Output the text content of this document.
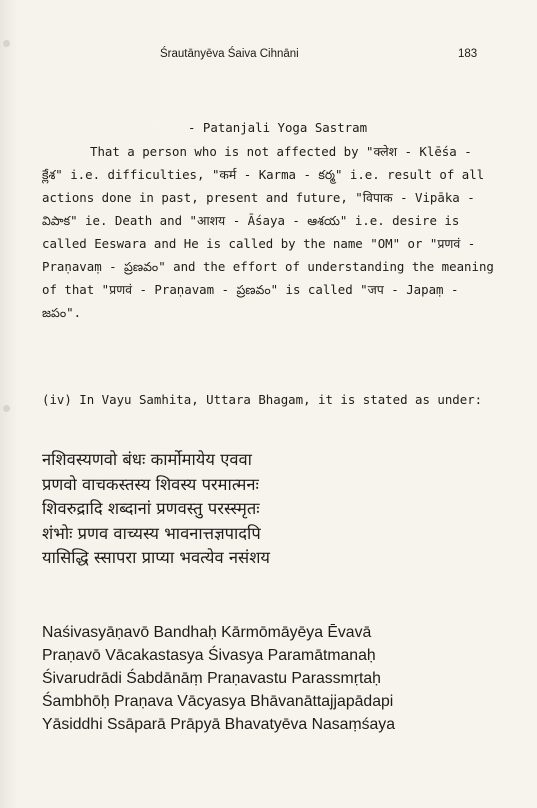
Śrautānyēva Śaiva Cihnāni	183
- Patanjali Yoga Sastram
That a person who is not affected by "क्लेश - Klēśa - క్లేశ" i.e. difficulties, "कर्म - Karma - కర్మ" i.e. result of all actions done in past, present and future, "विपाक - Vipāka - విపాక" ie. Death and "आशय - Āśaya - ఆశయ" i.e. desire is called Eeswara and He is called by the name "OM" or "प्रणवं - Praṇavaṃ - ప్రణవం" and the effort of understanding the meaning of that "प्रणवं - Praṇavam - ప్రణవం" is called "जप - Japaṃ - జపం".
(iv) In Vayu Samhita, Uttara Bhagam, it is stated as under:
नशिवस्यणवो बंधः कार्मोमायेय एववा
प्रणवो वाचकस्तस्य शिवस्य परमात्मनः
शिवरुद्रादि शब्दानां प्रणवस्तु परस्स्मृतः
शंभोः प्रणव वाच्यस्य भावनात्तज्ञपादपि
यासिद्धि स्सापरा प्राप्या भवत्येव नसंशय
Naśivasyāṇavō Bandhaḥ Kārmōmāyēya Ēvavā
Praṇavō Vācakastasya Śivasya Paramātmanaḥ
Śivarudrādi Śabdānāṃ Praṇavastu Parassmṛtaḥ
Śambhōḥ Praṇava Vācyasya Bhāvanāttajjapādapi
Yāsiddhi Ssāparā Prāpyā Bhavatyēva Nasaṃśaya
